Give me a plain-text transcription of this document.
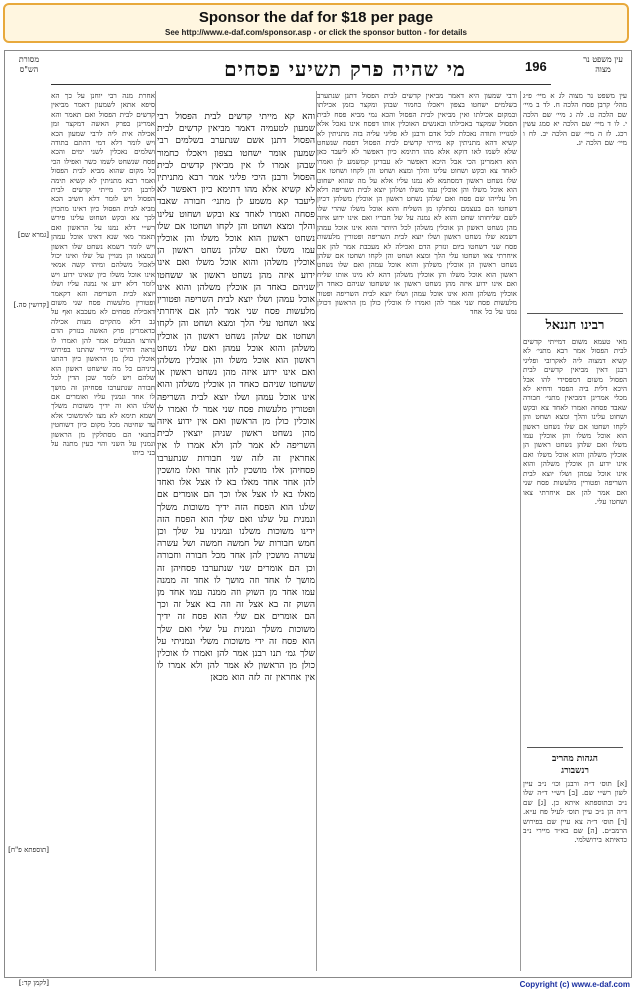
Sponsor the daf for $18 per page
See http://www.e-daf.com/sponsor.asp - or click the sponsor button - for details
מסורת הש"ס	מי שהיה פרק תשיעי פסחים	196	עין משפט נר מצוה
[גמרא שם]
[קדושין סה.]
[תוספתא פ"ח]
[לקמן קד:]
אחרת מנה רבי יוחנן על כך הא סיפא אתאן לשמעון דאמר מביאין קדשים לבית הפסול ואם תאמר והא אמרינן בפרק האשה דמקצר זמן אכילה אית ליה לרבי שמעון הכא ויש לומר דלא דמי דהתם בתודה ושלמים נאכלין לשני ימים והכא פסח שנשחט לשמו כשר ואפילו הכי כל מקום שהוא מביא לבית הפסול ואמר רבא מתניתין לא קשיא תימה לרבנן היכי מייתי קדשים לבית הפסול ויש לומר דלא חשיב הכא מביא לבית הפסול כיון דאינו מתכוין לכך צא ובקש ושחוט עלינו פירש רש״י דלא נמנו על הראשון ואם תאמר מאי שנא דאינו אוכל עמהן ויש לומר דשמא נשחט שלו ראשון ונמצאו הן מנויין על שלו ואינו יכול לאכול משלהם ומיהו קשה אמאי אינו אוכל משלו כיון שאינו ידוע ויש לומר דלא ידע אי נמנה עליו ושלו יוצא לבית השריפה והא דקאמר ופטורין מלעשות פסח שני משום דאכילת פסחים לא מעכבא ואף על גב דלא מתקיים מצות אכילה כדאמרינן פרק האשה בנזרק הדם הורצו הבעלים אמר להן ואמרו לו נראה דהיינו מיירי שהתנו בפירוש אוכלין כולן מן הראשון כיון דהתנו ביניהם כל מה שישחט ראשון הוא שלהם ויש לומר שכן הדין לכל חבורה שנתערבו פסחיהן זה מושך לו אחד ונמנין עליו ואומרים אם שלנו הוא זה ידיך משוכות משלך ושמא תימא לא מצו לאימשוכי אלא עד שחיטה מכל מקום כיון דשוחטין בתנאי הם מסתלקין מן הראשון ונמנין על השני והוי כעין מתנה על בני ביתו
והא קא מייתי קדשים לבית הפסול רבי שמעון לטעמיה דאמר מביאין קדשים לבית הפסול דתנן אשם שנתערב בשלמים רבי שמעון אומר ישחטו בצפון ויאכלו כחמור שבהן אמרו לו אין מביאין קדשים לבית הפסול ורבנן היכי פליגי אמר רבא מתניתין לא קשיא אלא מהו דתימא כיון דאפשר לא ליעבד קא משמע לן מתני׳ חבורה שאבד פסחה ואמרו לאחד צא ובקש ושחוט עלינו והלך ומצא ושחט והן לקחו ושחטו אם שלו נשחט ראשון הוא אוכל משלו והן אוכלין עמו משלו ואם שלהן נשחט ראשון הן אוכלין משלהן והוא אוכל משלו ואם אינו ידוע איזה מהן נשחט ראשון או ששחטו שניהם כאחד הן אוכלין משלהן והוא אינו אוכל עמהן ושלו יוצא לבית השריפה ופטורין מלעשות פסח שני אמר להן אם איחרתי צאו ושחטו עלי הלך ומצא ושחט והן לקחו ושחטו אם שלהן נשחט ראשון הן אוכלין משלהן והוא אוכל עמהן ואם שלו נשחט ראשון הוא אוכל משלו והן אוכלין משלהן ואם אינו ידוע איזה מהן נשחט ראשון או ששחטו שניהם כאחד הן אוכלין משלהן והוא אינו אוכל עמהן ושלו יוצא לבית השריפה ופטורין מלעשות פסח שני אמר לו ואמרו לו אוכלין כולן מן הראשון ואם אין ידוע איזה מהן נשחט ראשון שניהן יוצאין לבית השריפה לא אמר להן ולא אמרו לו אין אחראין זה לזה שני חבורות שנתערבו פסחיהן אלו מושכין להן אחד ואלו מושכין להן אחד אחד מאלו בא לו אצל אלו ואחד מאלו בא לו אצל אלו וכך הם אומרים אם שלנו הוא הפסח הזה ידיך משוכות משלך ונמנית על שלנו ואם שלך הוא הפסח הזה ידינו משוכות משלנו ונמנינו על שלך וכן חמש חבורות של חמשה חמשה ושל עשרה עשרה מושכין להן אחד מכל חבורה וחבורה וכן הם אומרים שני שנתערבו פסחיהן זה מושך לו אחד וזה מושך לו אחד זה ממנה עמו אחד מן השוק וזה ממנה עמו אחד מן השוק זה בא אצל זה וזה בא אצל זה וכך הם אומרים אם שלי הוא פסח זה ידיך משוכות משלך ונמנית על שלי ואם שלך הוא פסח זה ידי משוכות משלי ונמניתי על שלך גמ׳ תנו רבנן אמר להן ואמרו לו אוכלין כולן מן הראשון לא אמר להן ולא אמרו לו אין אחראין זה לזה הוא מכאן
ורבי שמעון היא דאמר מביאין קדשים לבית הפסול דתנן שנתערב בשלמים ישחטו בצפון ויאכלו כחמור שבהן ומקצר בזמן אכילתו ובמקום אכילתו ואין מביאין לבית הפסול והכא נמי מביא פסח לבית הפסול שמקצר באכילתו ובאנשים האוכלין אותו דפסח אינו נאכל אלא למנוייו ותודה נאכלת לכל אדם ורבנן לא פליגי עליה בזה מתניתין לא קשיא דהא מתניתין קא מייתי קדשים לבית הפסול דפסח שנשחט שלא לשמו לאו דוקא אלא מהו דתימא כיון דאפשר לא ליעבד כאן הוא דאמרינן הכי אבל היכא דאפשר לא עבדינן קמשמע לן ואמרו לאחד צא ובקש ושחוט עלינו והלך ומצא ושחט והן לקחו ושחטו אם שלו נשחט ראשון דמסתמא לא נמנו עליו אלא על מה שהוא ישחוט הוא אוכל משלו והן אוכלין עמו משלו ושלהן יוצא לבית השריפה דלא חל עלייהו שם פסח ואם שלהן נשחט ראשון הן אוכלין משלהן דכיון דשחטו הם בעצמם נסתלקו מן השליח והוא אוכל משלו שהרי שלו לשם שליחותו שחט והוא לא נמנה על של חבריו ואם אינו ידוע איזה מהן נשחט ראשון הן אוכלין משלהן לכל היותר והוא אינו אוכל עמהן דשמא שלו נשחט ראשון ושלו יוצא לבית השריפה ופטורין מלעשות פסח שני דשחטו ביום ונזרק הדם ואכילה לא מעכבת אמר להן אם איחרתי צאו ושחטו עלי הלך ומצא ושחט והן לקחו ושחטו אם שלהן נשחט ראשון הן אוכלין משלהן והוא אוכל עמהן ואם שלו נשחט ראשון הוא אוכל משלו והן אוכלין משלהן דהא לא מינו אותו שליח ואם אינו ידוע איזה מהן נשחט ראשון או ששחטו שניהם כאחד הן אוכלין משלהן והוא אינו אוכל עמהן ושלו יוצא לבית השריפה ופטור מלעשות פסח שני אמר להן ואמרו לו אוכלין כולן מן הראשון דכולן נמנו על כל אחד
עין משפט נר מצוה לג א מיי׳ פ״ג מהל׳ קרבן פסח הלכה ח. לד ב מיי׳ שם הלכה ט. לה ג מיי׳ שם הלכה י. לו ד מיי׳ שם הלכה יא סמג עשין רכג. לז ה מיי׳ שם הלכה יב. לח ו מיי׳ שם הלכה יג.
רבינו חננאל
מאי טעמא משום דמייתי קדשים לבית הפסול אמר רבא מתני׳ לא קשיא דמצוה ליה לאקרובי ופליגי רבנן דאין מביאין קדשים לבית הפסול משום דמפסידי להו אבל היכא דלית ביה הפסד ודחיא לא מכלי אמרינן דמביאין מתני׳ חבורה שאבד פסחה ואמרו לאחד צא ובקש ושחוט עלינו והלך ומצא ושחט והן לקחו ושחטו אם שלו נשחט ראשון הוא אוכל משלו והן אוכלין עמו משלו ואם שלהן נשחט ראשון הן אוכלין משלהן והוא אוכל משלו ואם אינו ידוע הן אוכלין משלהן והוא אינו אוכל עמהן ושלו יוצא לבית השריפה ופטורין מלעשות פסח שני ואם אמר להן אם איחרתי צאו ושחטו עלי.
הגהות מהריב
רנשבורג
[א] תוס׳ ד״ה ורבנן וכו׳ נ״ב עיין לשון רש״י שם. [ב] רש״י ד״ה שלו נ״ב ובתוספתא איתא כן. [ג] שם ד״ה הן נ״ב עיין תוס׳ לעיל פח ע״א. [ד] תוס׳ ד״ה צא עיין שם בפירוש הרמב״ם. [ה] שם בא״ד מיירי נ״ב כדאיתא בירושלמי.
Copyright (c) www.e-daf.com
